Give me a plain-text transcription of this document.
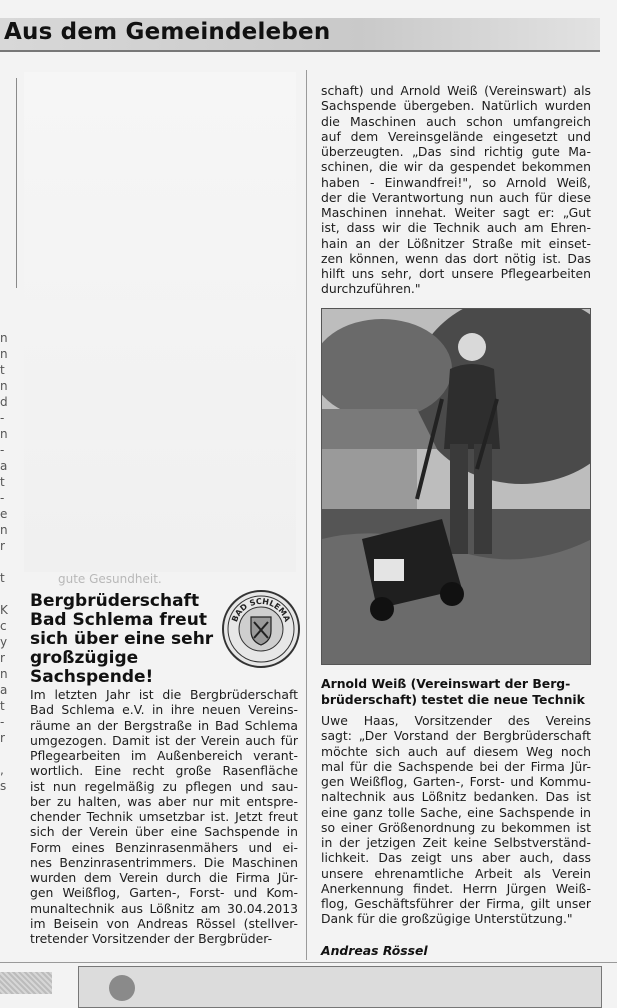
Aus dem Gemeindeleben
gute Gesundheit.
n
n
t
n
d
-
n
-
a
t
-
e
n
r

t

K
c
y
r
n
a
t
-
r

,
s
Bergbrüderschaft
Bad Schlema freut
sich über eine sehr
großzügige
Sachspende!
BAD SCHLEMA
Im letzten Jahr ist die Bergbrüderschaft
Bad Schlema e.V. in ihre neuen Vereins-
räume an der Bergstraße in Bad Schlema
umgezogen. Damit ist der Verein auch für
Pflegearbeiten im Außenbereich verant-
wortlich. Eine recht große Rasenfläche
ist nun regelmäßig zu pflegen und sau-
ber zu halten, was aber nur mit entspre-
chender Technik umsetzbar ist. Jetzt freut
sich der Verein über eine Sachspende in
Form eines Benzinrasenmähers und ei-
nes Benzinrasentrimmers. Die Maschinen
wurden dem Verein durch die Firma Jür-
gen Weißflog, Garten-, Forst- und Kom-
munaltechnik aus Lößnitz am 30.04.2013
im Beisein von Andreas Rössel (stellver-
tretender Vorsitzender der Bergbrüder-
schaft) und Arnold Weiß (Vereinswart) als
Sachspende übergeben. Natürlich wurden
die Maschinen auch schon umfangreich
auf dem Vereinsgelände eingesetzt und
überzeugten. „Das sind richtig gute Ma-
schinen, die wir da gespendet bekommen
haben - Einwandfrei!", so Arnold Weiß,
der die Verantwortung nun auch für diese
Maschinen innehat. Weiter sagt er: „Gut
ist, dass wir die Technik auch am Ehren-
hain an der Lößnitzer Straße mit einset-
zen können, wenn das dort nötig ist. Das
hilft uns sehr, dort unsere Pflegearbeiten
durchzuführen."
Arnold Weiß (Vereinswart der Berg-
brüderschaft) testet die neue Technik
Uwe Haas, Vorsitzender des Vereins
sagt: „Der Vorstand der Bergbrüderschaft
möchte sich auch auf diesem Weg noch
mal für die Sachspende bei der Firma Jür-
gen Weißflog, Garten-, Forst- und Kommu-
naltechnik aus Lößnitz bedanken. Das ist
eine ganz tolle Sache, eine Sachspende in
so einer Größenordnung zu bekommen ist
in der jetzigen Zeit keine Selbstverständ-
lichkeit. Das zeigt uns aber auch, dass
unsere ehrenamtliche Arbeit als Verein
Anerkennung findet. Herrn Jürgen Weiß-
flog, Geschäftsführer der Firma, gilt unser
Dank für die großzügige Unterstützung."
Andreas Rössel
